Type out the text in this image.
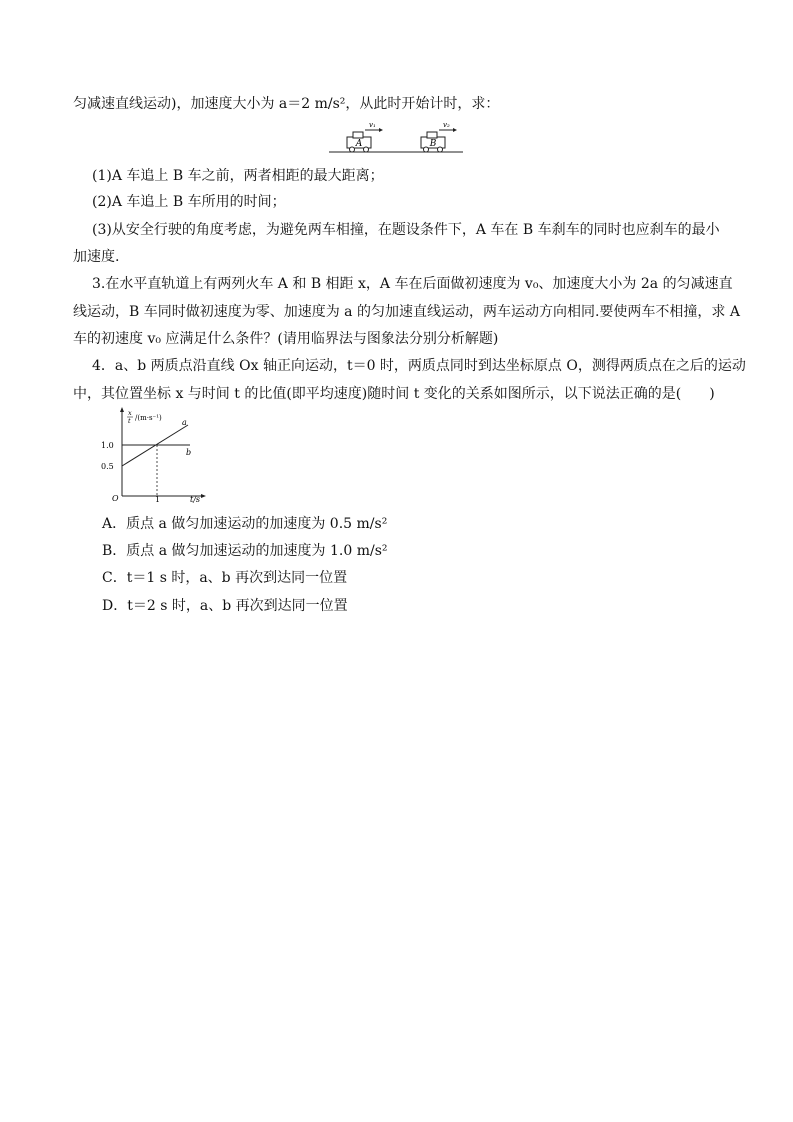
匀减速直线运动)，加速度大小为 a＝2 m/s²，从此时开始计时，求：
A
v₁
B
v₂
(1)A 车追上 B 车之前，两者相距的最大距离；
(2)A 车追上 B 车所用的时间；
(3)从安全行驶的角度考虑，为避免两车相撞，在题设条件下，A 车在 B 车刹车的同时也应刹车的最小
加速度.
3.在水平直轨道上有两列火车 A 和 B 相距 x，A 车在后面做初速度为 v₀、加速度大小为 2a 的匀减速直
线运动，B 车同时做初速度为零、加速度为 a 的匀加速直线运动，两车运动方向相同.要使两车不相撞，求 A
车的初速度 v₀ 应满足什么条件？(请用临界法与图象法分别分析解题)
4．a、b 两质点沿直线 Ox 轴正向运动，t＝0 时，两质点同时到达坐标原点 O，测得两质点在之后的运动
中，其位置坐标 x 与时间 t 的比值(即平均速度)随时间 t 变化的关系如图所示，以下说法正确的是(　　)
x
t /(m·s⁻¹)
1.0
0.5
1
O	t/s
b
a
A．质点 a 做匀加速运动的加速度为 0.5 m/s²
B．质点 a 做匀加速运动的加速度为 1.0 m/s²
C．t＝1 s 时，a、b 再次到达同一位置
D．t＝2 s 时，a、b 再次到达同一位置
